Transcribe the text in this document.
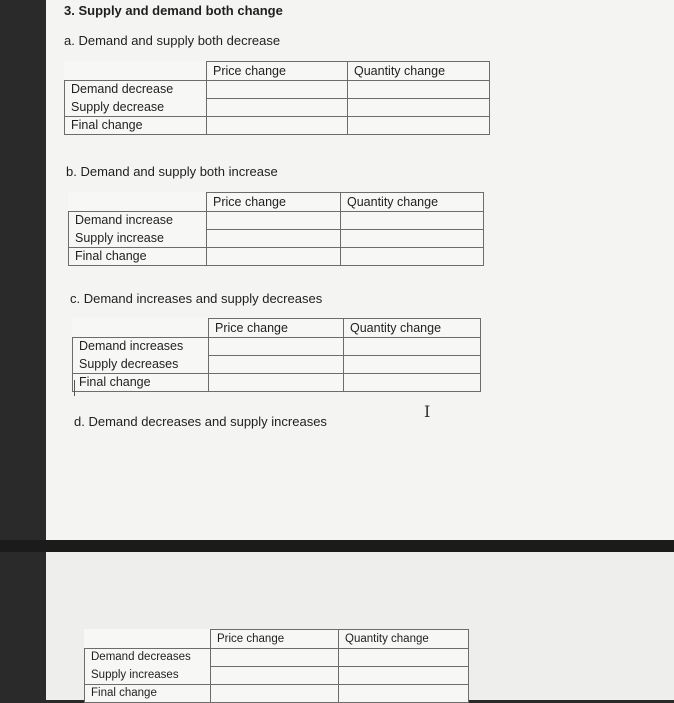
3. Supply and demand both change
a. Demand and supply both decrease
	Price change	Quantity change
Demand decrease		
Supply decrease		
Final change		
b. Demand and supply both increase
	Price change	Quantity change
Demand increase		
Supply increase		
Final change		
c. Demand increases and supply decreases
	Price change	Quantity change
Demand increases		
Supply decreases		
Final change		
I
d. Demand decreases and supply increases
	Price change	Quantity change
Demand decreases		
Supply increases		
Final change		
